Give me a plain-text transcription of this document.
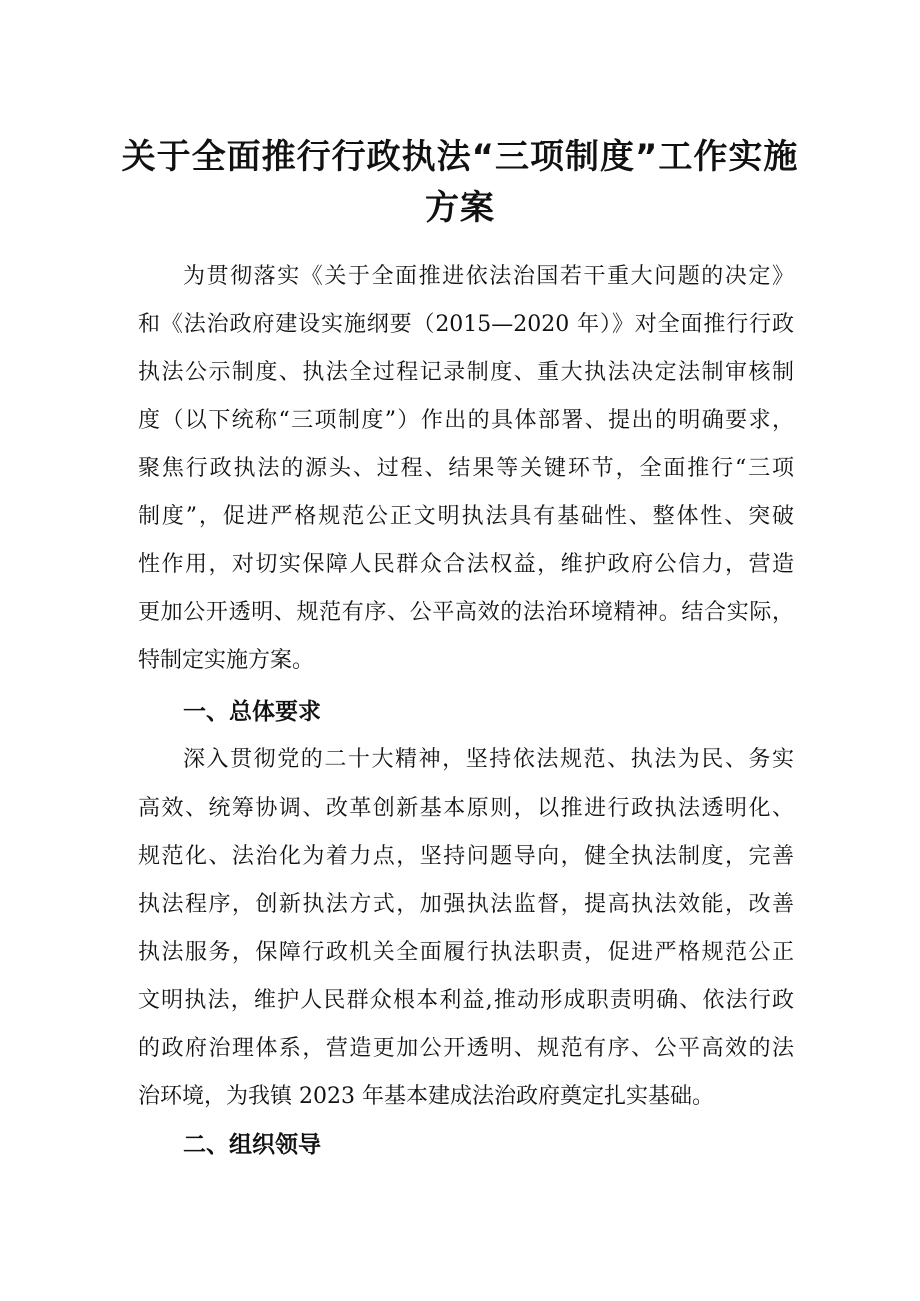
关于全面推行行政执法“三项制度”工作实施
方案
为贯彻落实《关于全面推进依法治国若干重大问题的决定》
和《法治政府建设实施纲要（2015—2020 年）》对全面推行行政
执法公示制度、执法全过程记录制度、重大执法决定法制审核制
度（以下统称“三项制度”）作出的具体部署、提出的明确要求，
聚焦行政执法的源头、过程、结果等关键环节，全面推行“三项
制度”，促进严格规范公正文明执法具有基础性、整体性、突破
性作用，对切实保障人民群众合法权益，维护政府公信力，营造
更加公开透明、规范有序、公平高效的法治环境精神。结合实际，
特制定实施方案。
一、总体要求
深入贯彻党的二十大精神，坚持依法规范、执法为民、务实
高效、统筹协调、改革创新基本原则，以推进行政执法透明化、
规范化、法治化为着力点，坚持问题导向，健全执法制度，完善
执法程序，创新执法方式，加强执法监督，提高执法效能，改善
执法服务，保障行政机关全面履行执法职责，促进严格规范公正
文明执法，维护人民群众根本利益,推动形成职责明确、依法行政
的政府治理体系，营造更加公开透明、规范有序、公平高效的法
治环境，为我镇 2023 年基本建成法治政府奠定扎实基础。
二、组织领导
